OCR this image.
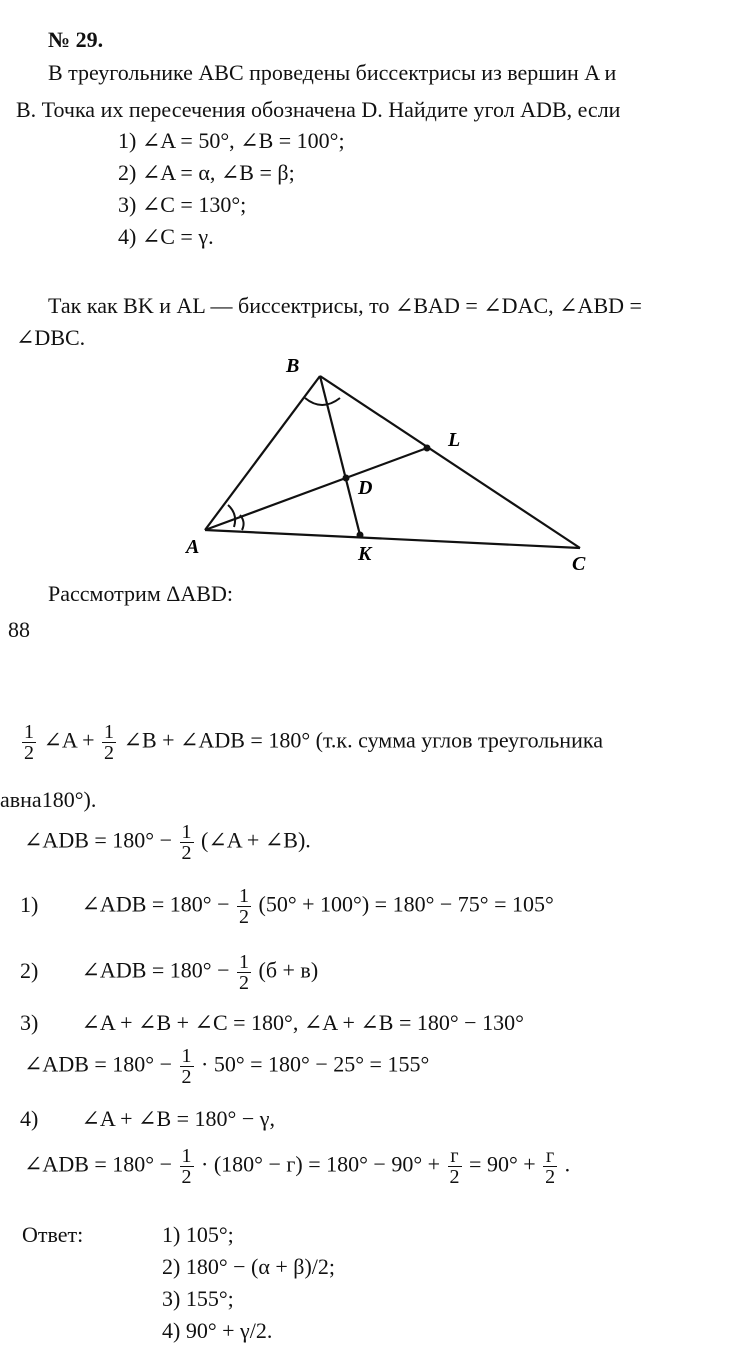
№ 29.
В треугольнике ABC проведены биссектрисы из вершин A и
B. Точка их пересечения обозначена D. Найдите угол ADB, если
1) ∠A = 50°, ∠B = 100°;
2) ∠A = α, ∠B = β;
3) ∠C = 130°;
4) ∠C = γ.
Так как BK и AL — биссектрисы, то ∠BAD = ∠DAC, ∠ABD =
∠DBC.
B
L
D
A	K	C
Рассмотрим ΔABD:
88
$\frac{1}{2}$ ∠A + $\frac{1}{2}$ ∠B + ∠ADB = 180° (т.к. сумма углов треугольника
авна180°).
∠ADB = $180^\circ - \frac{1}{2}$ (∠A + ∠B).
1) ∠ADB = $180^\circ - \frac{1}{2} (50^\circ + 100^\circ) = 180^\circ - 75^\circ = 105^\circ$
2) ∠ADB = $180^\circ - \frac{1}{2} (б + в)$
3) ∠A + ∠B + ∠C = 180°, ∠A + ∠B = 180° − 130°
∠ADB = $180^\circ - \frac{1}{2} \cdot 50^\circ = 180^\circ - 25^\circ = 155^\circ$
4) ∠A + ∠B = 180° − γ,
∠ADB = $180^\circ - \frac{1}{2} \cdot (180^\circ - г) = 180^\circ - 90^\circ + \frac{г}{2} = 90^\circ + \frac{г}{2}$ .
Ответ:	1) 105°;
2) 180° − (α + β)/2;
3) 155°;
4) 90° + γ/2.
